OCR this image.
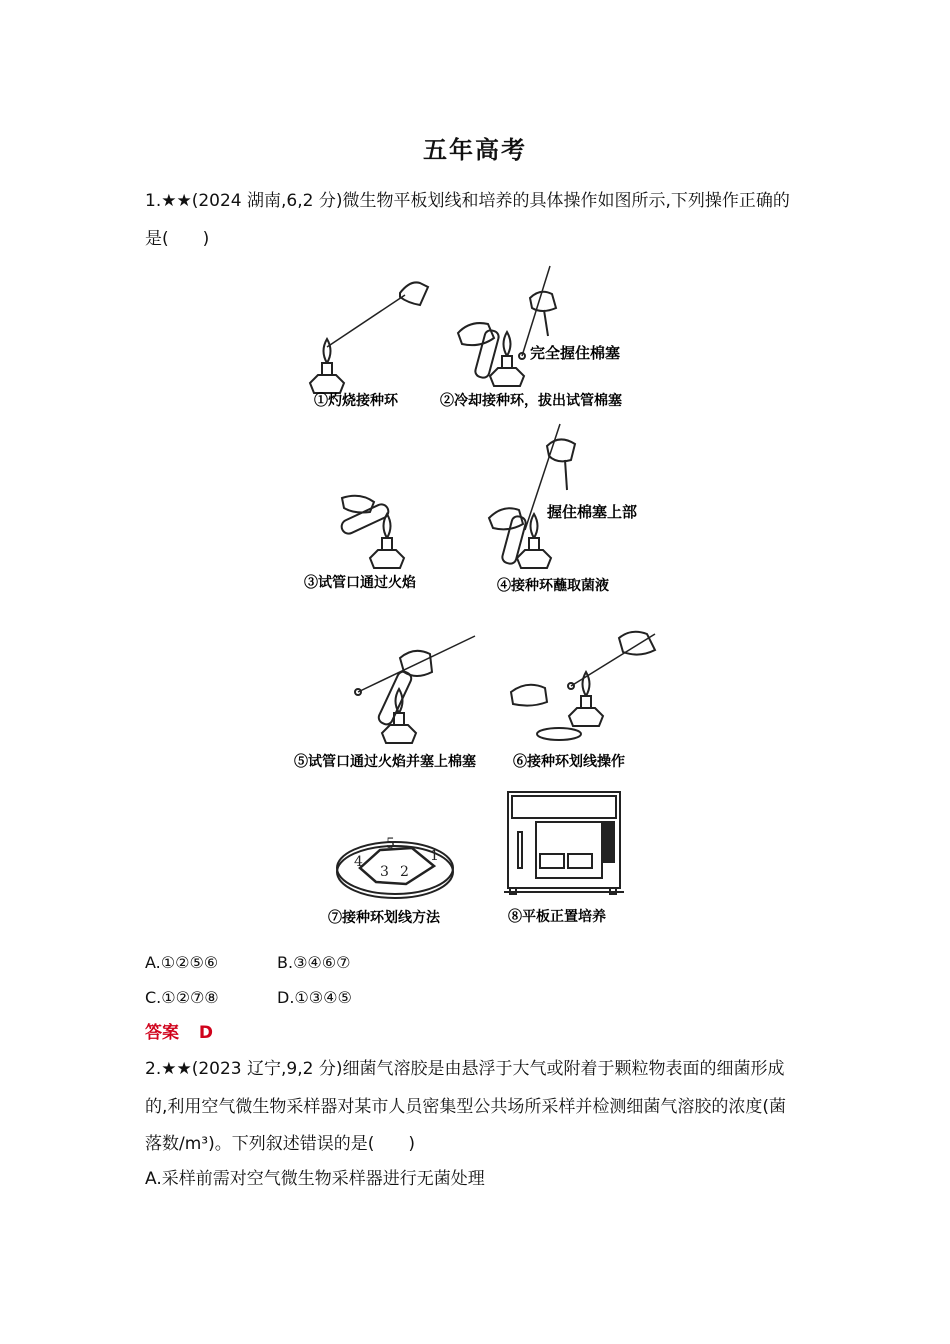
五年高考
1.★★(2024 湖南,6,2 分)微生物平板划线和培养的具体操作如图所示,下列操作正确的
是(　　)
①灼烧接种环
完全握住棉塞
②冷却接种环，拔出试管棉塞
③试管口通过火焰
握住棉塞上部
④接种环蘸取菌液
⑤试管口通过火焰并塞上棉塞	⑥接种环划线操作
1
2
3
4
5
⑦接种环划线方法	⑧平板正置培养
A.①②⑤⑥	B.③④⑥⑦
C.①②⑦⑧	D.①③④⑤
答案 D
2.★★(2023 辽宁,9,2 分)细菌气溶胶是由悬浮于大气或附着于颗粒物表面的细菌形成
的,利用空气微生物采样器对某市人员密集型公共场所采样并检测细菌气溶胶的浓度(菌
落数/m³)。下列叙述错误的是(　　)
A.采样前需对空气微生物采样器进行无菌处理
